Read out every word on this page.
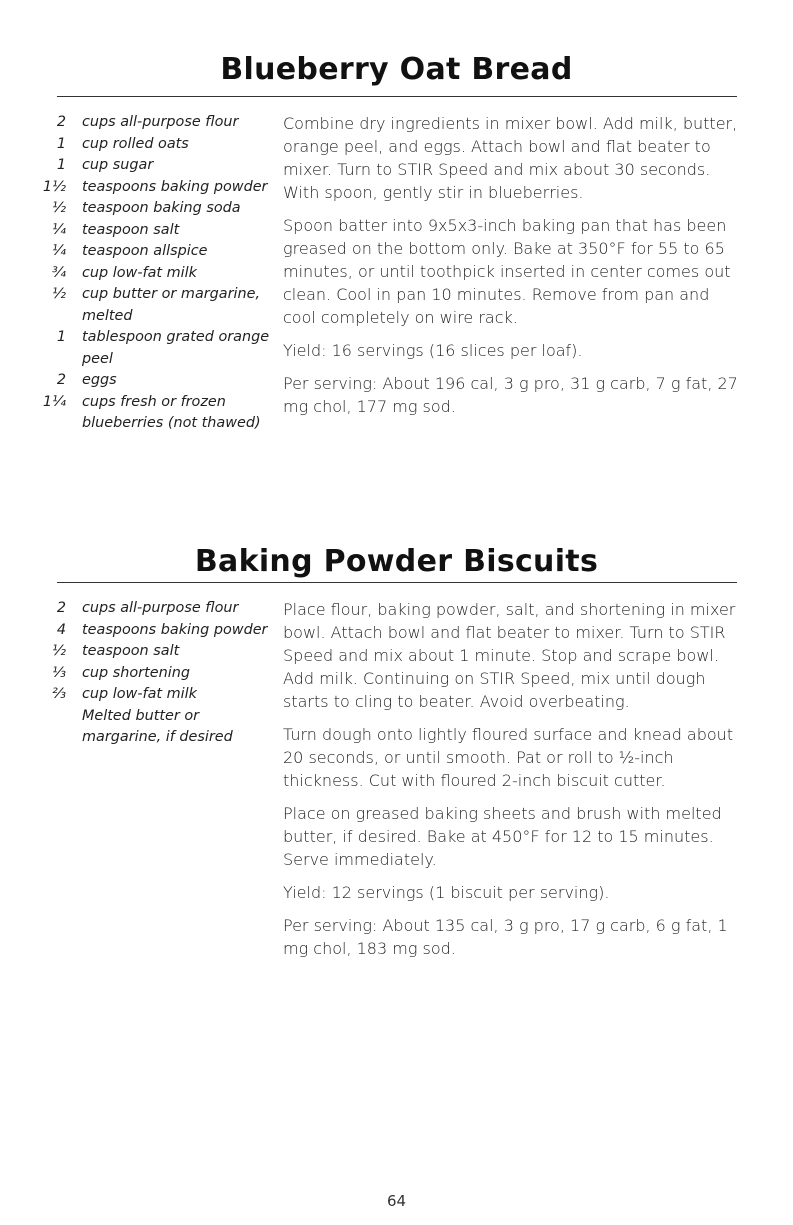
Blueberry Oat Bread
2 cups all-purpose flour
1 cup rolled oats
1 cup sugar
1½ teaspoons baking powder
½ teaspoon baking soda
¼ teaspoon salt
¼ teaspoon allspice
¾ cup low-fat milk
½ cup butter or margarine, melted
1 tablespoon grated orange peel
2 eggs
1¼ cups fresh or frozen blueberries (not thawed)

Combine dry ingredients in mixer bowl. Add milk, butter, orange peel, and eggs. Attach bowl and flat beater to mixer. Turn to STIR Speed and mix about 30 seconds. With spoon, gently stir in blueberries.

Spoon batter into 9x5x3-inch baking pan that has been greased on the bottom only. Bake at 350°F for 55 to 65 minutes, or until toothpick inserted in center comes out clean. Cool in pan 10 minutes. Remove from pan and cool completely on wire rack.

Yield: 16 servings (16 slices per loaf).

Per serving: About 196 cal, 3 g pro, 31 g carb, 7 g fat, 27 mg chol, 177 mg sod.

Baking Powder Biscuits
2 cups all-purpose flour
4 teaspoons baking powder
½ teaspoon salt
⅓ cup shortening
⅔ cup low-fat milk
Melted butter or margarine, if desired

Place flour, baking powder, salt, and shortening in mixer bowl. Attach bowl and flat beater to mixer. Turn to STIR Speed and mix about 1 minute. Stop and scrape bowl. Add milk. Continuing on STIR Speed, mix until dough starts to cling to beater. Avoid overbeating.

Turn dough onto lightly floured surface and knead about 20 seconds, or until smooth. Pat or roll to ½-inch thickness. Cut with floured 2-inch biscuit cutter.

Place on greased baking sheets and brush with melted butter, if desired. Bake at 450°F for 12 to 15 minutes. Serve immediately.

Yield: 12 servings (1 biscuit per serving).

Per serving: About 135 cal, 3 g pro, 17 g carb, 6 g fat, 1 mg chol, 183 mg sod.

64
